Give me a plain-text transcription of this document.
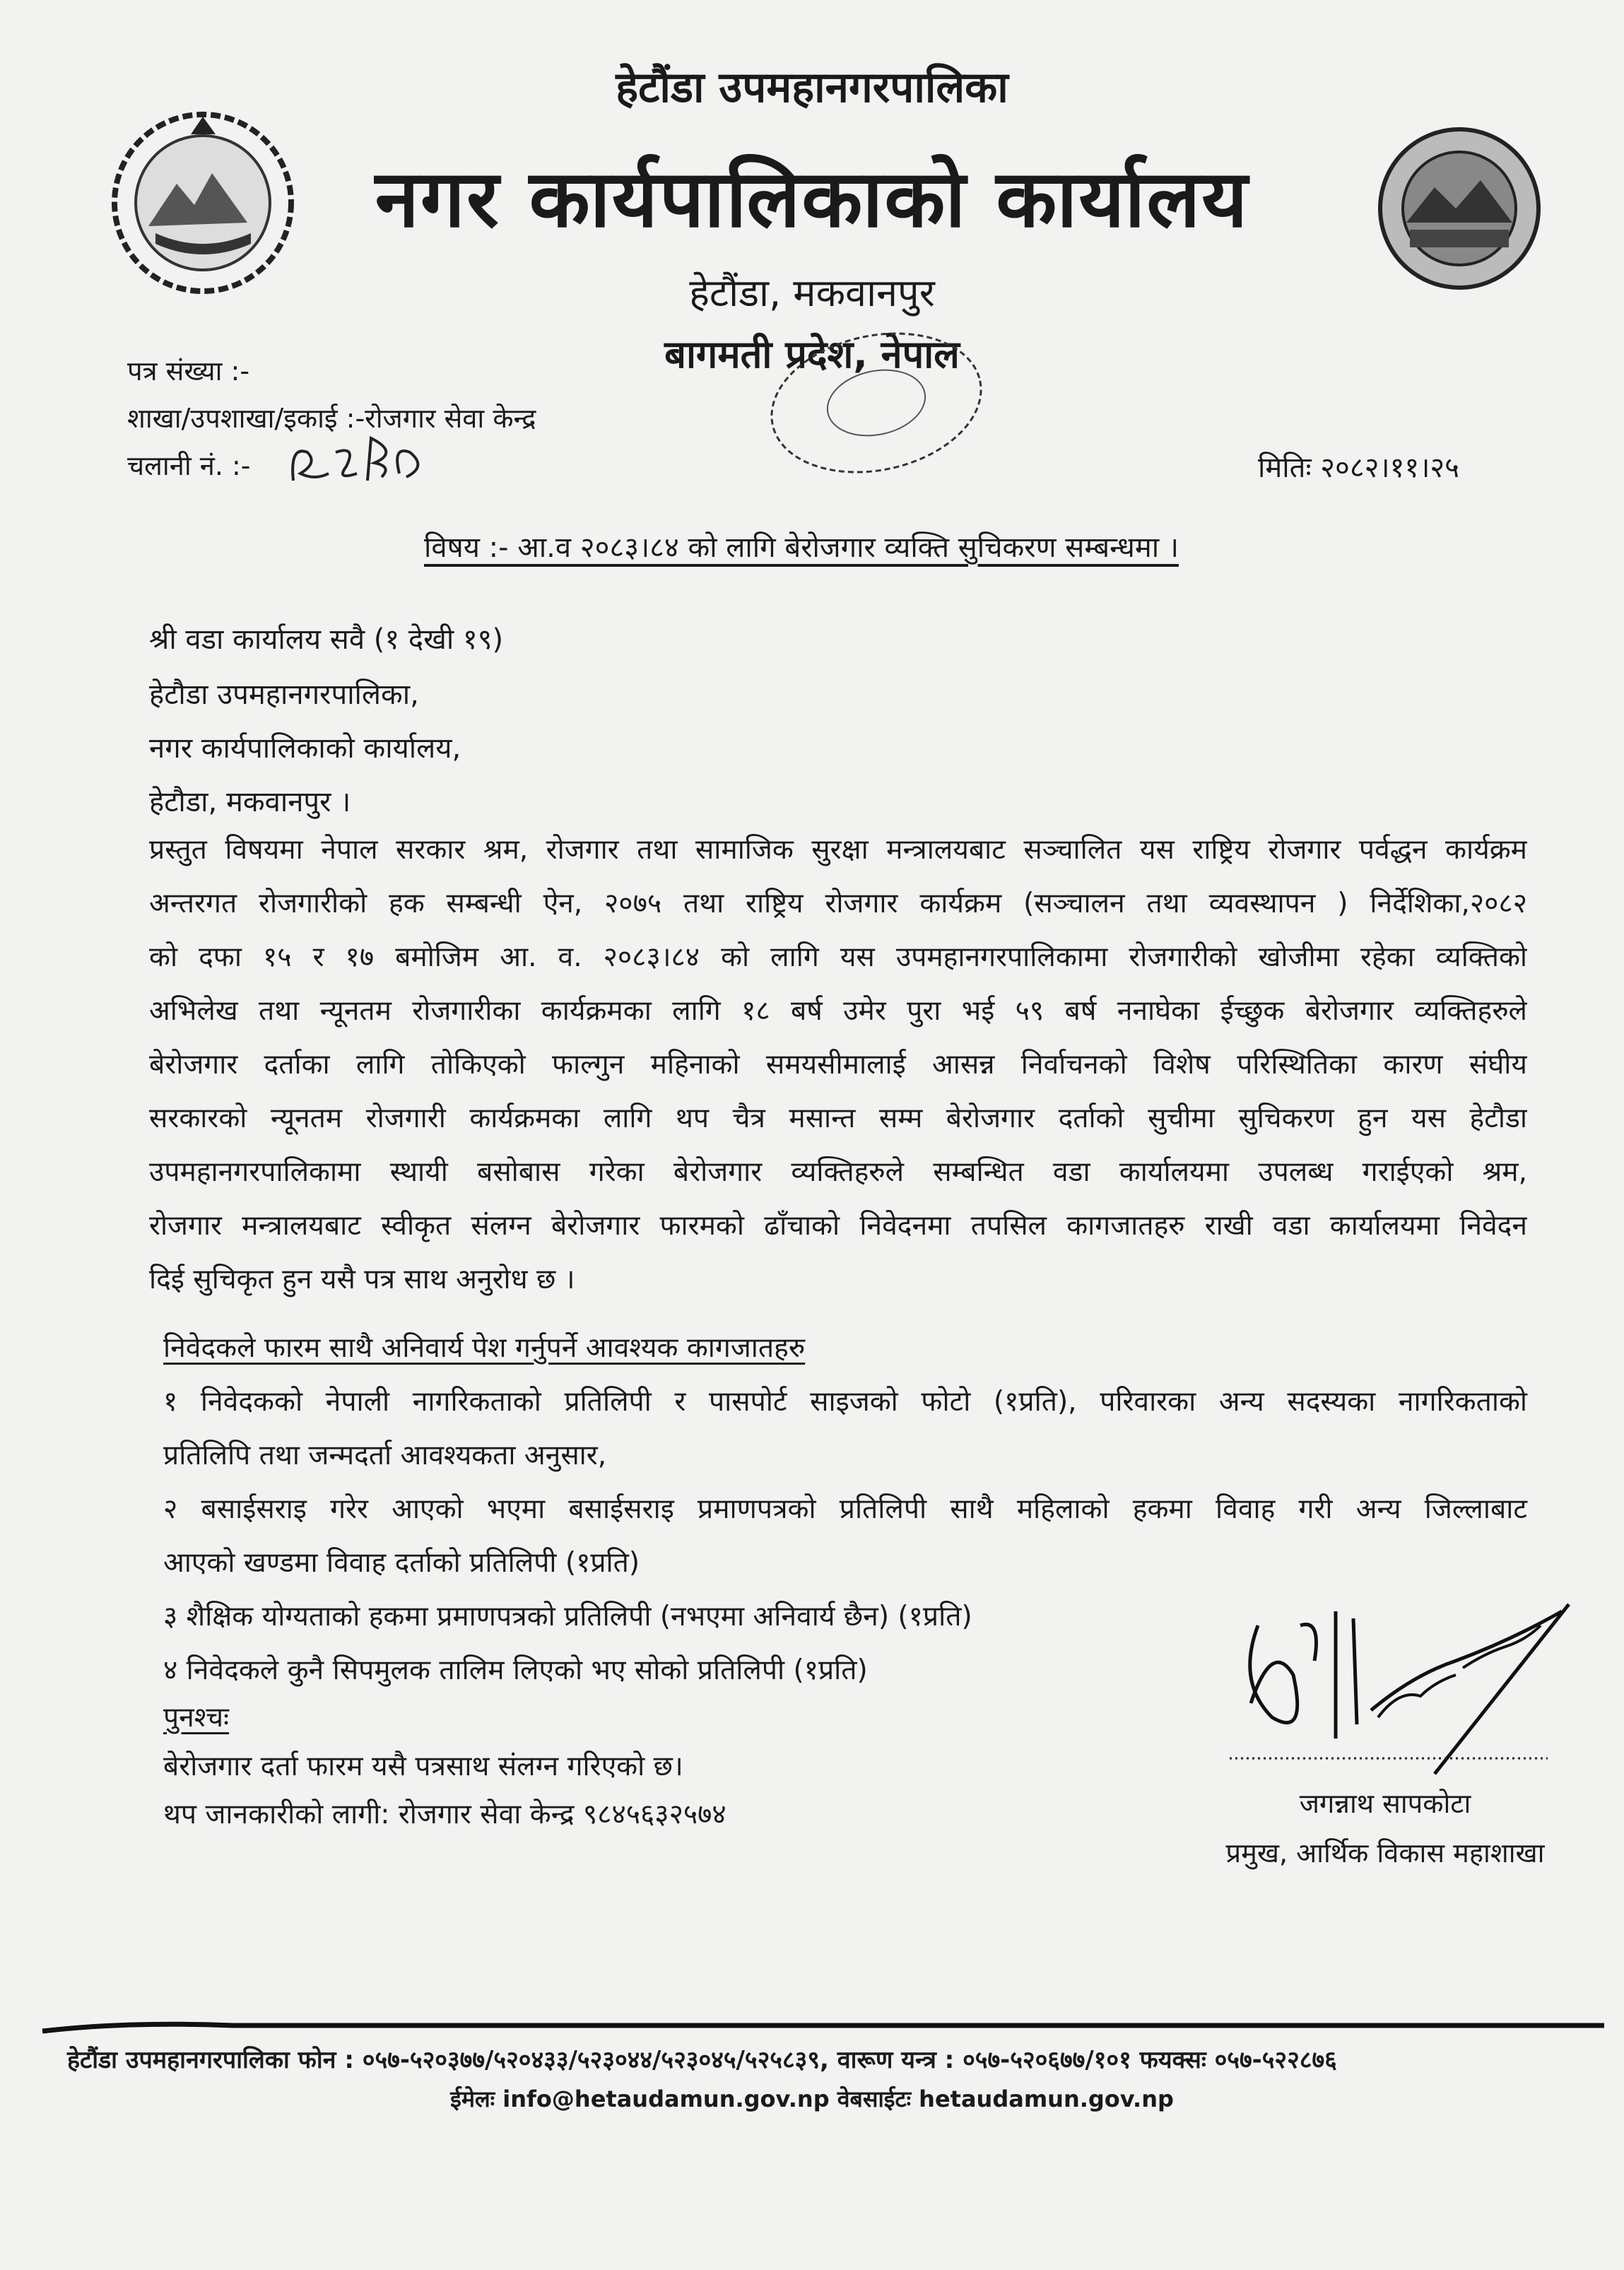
हेटौंडा उपमहानगरपालिका
नगर कार्यपालिकाको कार्यालय
हेटौंडा, मकवानपुर
बागमती प्रदेश, नेपाल
पत्र संख्या :-
शाखा/उपशाखा/इकाई :-रोजगार सेवा केन्द्र
चलानी नं. :-	मितिः २०८२।११।२५
विषय :- आ.व २०८३।८४ को लागि बेरोजगार व्यक्ति सुचिकरण सम्बन्धमा ।
श्री वडा कार्यालय सवै (१ देखी १९)
हेटौडा उपमहानगरपालिका,
नगर कार्यपालिकाको कार्यालय,
हेटौडा, मकवानपुर ।
प्रस्तुत विषयमा नेपाल सरकार श्रम, रोजगार तथा सामाजिक सुरक्षा मन्त्रालयबाट सञ्चालित यस राष्ट्रिय रोजगार पर्वद्धन कार्यक्रम
अन्तरगत रोजगारीको हक सम्बन्धी ऐन, २०७५ तथा राष्ट्रिय रोजगार कार्यक्रम (सञ्चालन तथा व्यवस्थापन ) निर्देशिका,२०८२
को दफा १५ र १७ बमोजिम आ. व. २०८३।८४ को लागि यस उपमहानगरपालिकामा रोजगारीको खोजीमा रहेका व्यक्तिको
अभिलेख तथा न्यूनतम रोजगारीका कार्यक्रमका लागि १८ बर्ष उमेर पुरा भई ५९ बर्ष ननाघेका ईच्छुक बेरोजगार व्यक्तिहरुले
बेरोजगार दर्ताका लागि तोकिएको फाल्गुन महिनाको समयसीमालाई आसन्न निर्वाचनको विशेष परिस्थितिका कारण संघीय
सरकारको न्यूनतम रोजगारी कार्यक्रमका लागि थप चैत्र मसान्त सम्म बेरोजगार दर्ताको सुचीमा सुचिकरण हुन यस हेटौडा
उपमहानगरपालिकामा स्थायी बसोबास गरेका बेरोजगार व्यक्तिहरुले सम्बन्धित वडा कार्यालयमा उपलब्ध गराईएको श्रम,
रोजगार मन्त्रालयबाट स्वीकृत संलग्न बेरोजगार फारमको ढाँचाको निवेदनमा तपसिल कागजातहरु राखी वडा कार्यालयमा निवेदन
दिई सुचिकृत हुन यसै पत्र साथ अनुरोध छ ।
निवेदकले फारम साथै अनिवार्य पेश गर्नुपर्ने आवश्यक कागजातहरु
१ निवेदकको नेपाली नागरिकताको प्रतिलिपी र पासपोर्ट साइजको फोटो (१प्रति), परिवारका अन्य सदस्यका नागरिकताको
प्रतिलिपि तथा जन्मदर्ता आवश्यकता अनुसार,
२ बसाईसराइ गरेर आएको भएमा बसाईसराइ प्रमाणपत्रको प्रतिलिपी साथै महिलाको हकमा विवाह गरी अन्य जिल्लाबाट
आएको खण्डमा विवाह दर्ताको प्रतिलिपी (१प्रति)
३ शैक्षिक योग्यताको हकमा प्रमाणपत्रको प्रतिलिपी (नभएमा अनिवार्य छैन) (१प्रति)
४ निवेदकले कुनै सिपमुलक तालिम लिएको भए सोको प्रतिलिपी (१प्रति)
पुनश्चः
बेरोजगार दर्ता फारम यसै पत्रसाथ संलग्न गरिएको छ।
थप जानकारीको लागी: रोजगार सेवा केन्द्र ९८४५६३२५७४	जगन्नाथ सापकोटा
प्रमुख, आर्थिक विकास महाशाखा
हेटौंडा उपमहानगरपालिका फोन : ०५७-५२०३७७/५२०४३३/५२३०४४/५२३०४५/५२५८३९, वारूण यन्त्र : ०५७-५२०६७७/१०१ फयक्सः ०५७-५२२८७६
ईमेलः info@hetaudamun.gov.np वेबसाईटः hetaudamun.gov.np
